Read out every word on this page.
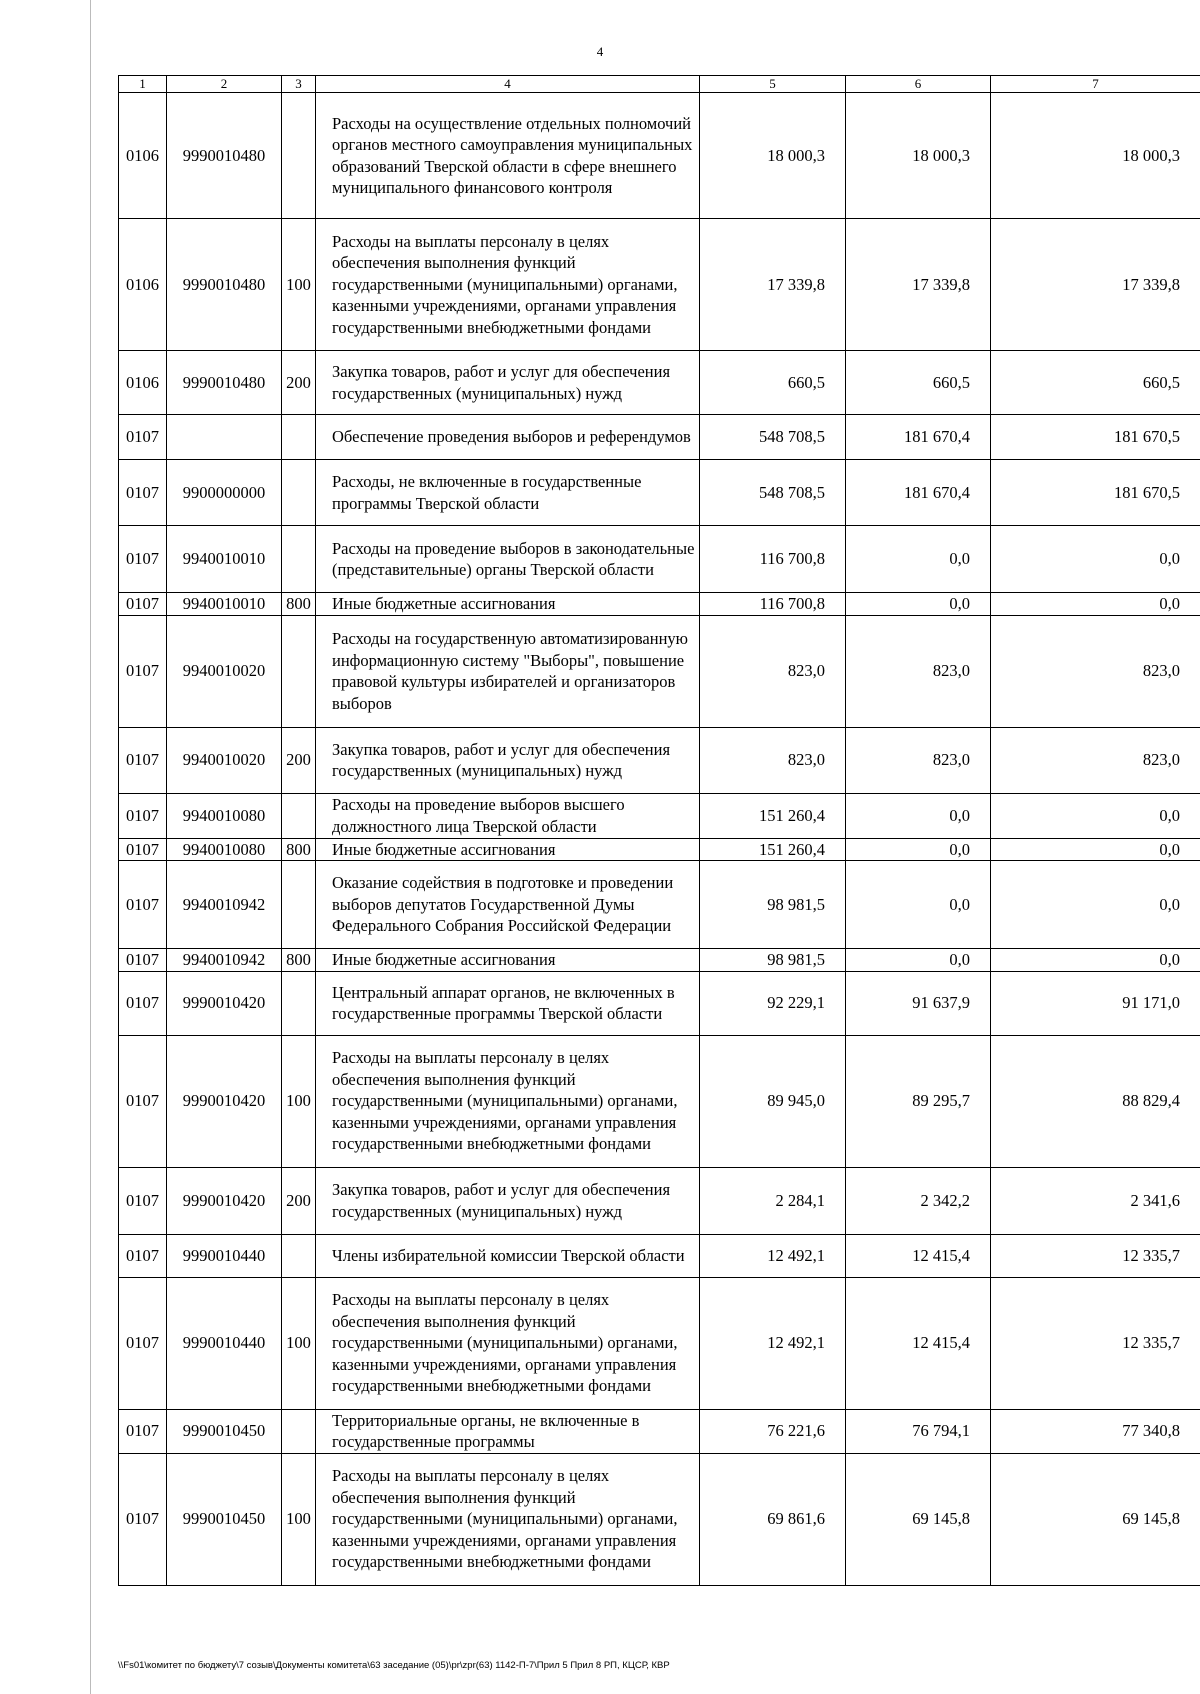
4
1	2	3	4	5	6	7
0106	9990010480		Расходы на осуществление отдельных полномочий органов местного самоуправления муниципальных образований Тверской области в сфере внешнего муниципального финансового контроля	18 000,3	18 000,3	18 000,3
0106	9990010480	100	Расходы на выплаты персоналу в целях обеспечения выполнения функций государственными (муниципальными) органами, казенными учреждениями, органами управления государственными внебюджетными фондами	17 339,8	17 339,8	17 339,8
0106	9990010480	200	Закупка товаров, работ и услуг для обеспечения государственных (муниципальных) нужд	660,5	660,5	660,5
0107			Обеспечение проведения выборов и референдумов	548 708,5	181 670,4	181 670,5
0107	9900000000		Расходы, не включенные в государственные программы Тверской области	548 708,5	181 670,4	181 670,5
0107	9940010010		Расходы на проведение выборов в законодательные (представительные) органы Тверской области	116 700,8	0,0	0,0
0107	9940010010	800	Иные бюджетные ассигнования	116 700,8	0,0	0,0
0107	9940010020		Расходы на государственную автоматизированную информационную систему "Выборы", повышение правовой культуры избирателей и организаторов выборов	823,0	823,0	823,0
0107	9940010020	200	Закупка товаров, работ и услуг для обеспечения государственных (муниципальных) нужд	823,0	823,0	823,0
0107	9940010080		Расходы на проведение выборов высшего должностного лица Тверской области	151 260,4	0,0	0,0
0107	9940010080	800	Иные бюджетные ассигнования	151 260,4	0,0	0,0
0107	9940010942		Оказание содействия в подготовке и проведении выборов депутатов Государственной Думы Федерального Собрания Российской Федерации	98 981,5	0,0	0,0
0107	9940010942	800	Иные бюджетные ассигнования	98 981,5	0,0	0,0
0107	9990010420		Центральный аппарат органов, не включенных в государственные программы Тверской области	92 229,1	91 637,9	91 171,0
0107	9990010420	100	Расходы на выплаты персоналу в целях обеспечения выполнения функций государственными (муниципальными) органами, казенными учреждениями, органами управления государственными внебюджетными фондами	89 945,0	89 295,7	88 829,4
0107	9990010420	200	Закупка товаров, работ и услуг для обеспечения государственных (муниципальных) нужд	2 284,1	2 342,2	2 341,6
0107	9990010440		Члены избирательной комиссии Тверской области	12 492,1	12 415,4	12 335,7
0107	9990010440	100	Расходы на выплаты персоналу в целях обеспечения выполнения функций государственными (муниципальными) органами, казенными учреждениями, органами управления государственными внебюджетными фондами	12 492,1	12 415,4	12 335,7
0107	9990010450		Территориальные органы, не включенные в государственные программы	76 221,6	76 794,1	77 340,8
0107	9990010450	100	Расходы на выплаты персоналу в целях обеспечения выполнения функций государственными (муниципальными) органами, казенными учреждениями, органами управления государственными внебюджетными фондами	69 861,6	69 145,8	69 145,8
\\Fs01\комитет по бюджету\7 созыв\Документы комитета\63 заседание (05)\pr\zpr(63) 1142-П-7\Прил 5 Прил 8 РП, КЦСР, КВР
